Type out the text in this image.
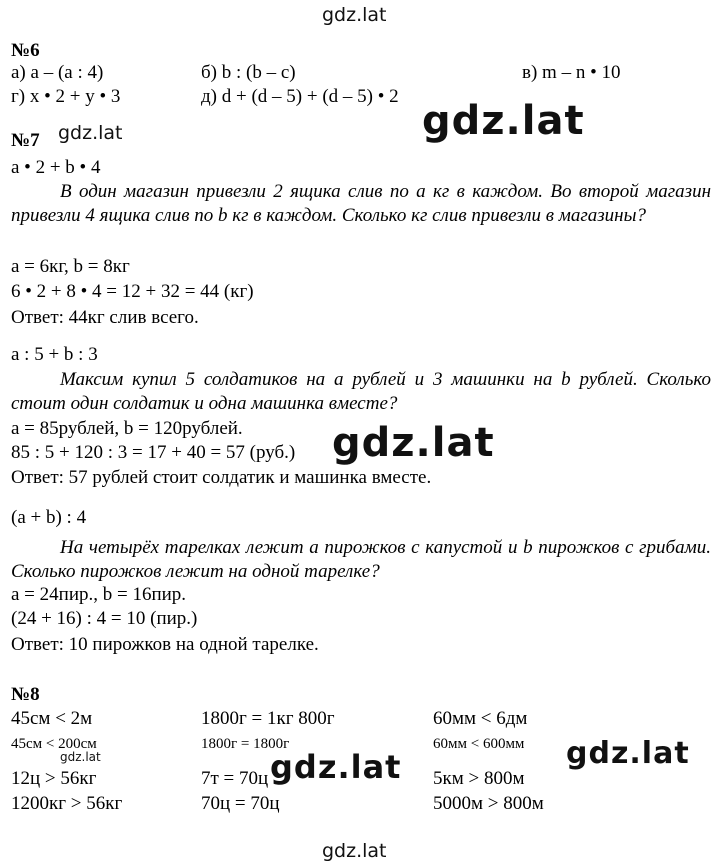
gdz.lat
gdz.lat
gdz.lat
gdz.lat
gdz.lat	gdz.lat	gdz.lat
gdz.lat
№6
а) a – (a : 4)	б) b : (b – c)	в) m – n • 10
г) x • 2 + y • 3	д) d + (d – 5) + (d – 5) • 2
№7
a • 2 + b • 4
В один магазин привезли 2 ящика слив по a кг в каждом. Во второй магазин привезли 4 ящика слив по b кг в каждом. Сколько кг слив привезли в магазины?
a = 6кг, b = 8кг
6 • 2 + 8 • 4 = 12 + 32 = 44 (кг)
Ответ: 44кг слив всего.
a : 5 + b : 3
Максим купил 5 солдатиков на a рублей и 3 машинки на b рублей. Сколько стоит один солдатик и одна машинка вместе?
a = 85рублей, b = 120рублей.
85 : 5 + 120 : 3 = 17 + 40 = 57 (руб.)
Ответ: 57 рублей стоит солдатик и машинка вместе.
(a + b) : 4
На четырёх тарелках лежит a пирожков с капустой и b пирожков с грибами. Сколько пирожков лежит на одной тарелке?
a = 24пир., b = 16пир.
(24 + 16) : 4 = 10 (пир.)
Ответ: 10 пирожков на одной тарелке.
№8
45см < 2м	1800г = 1кг 800г	60мм < 6дм
45см < 200см	1800г = 1800г	60мм < 600мм
12ц > 56кг	7т = 70ц	5км > 800м
1200кг > 56кг	70ц = 70ц	5000м > 800м
